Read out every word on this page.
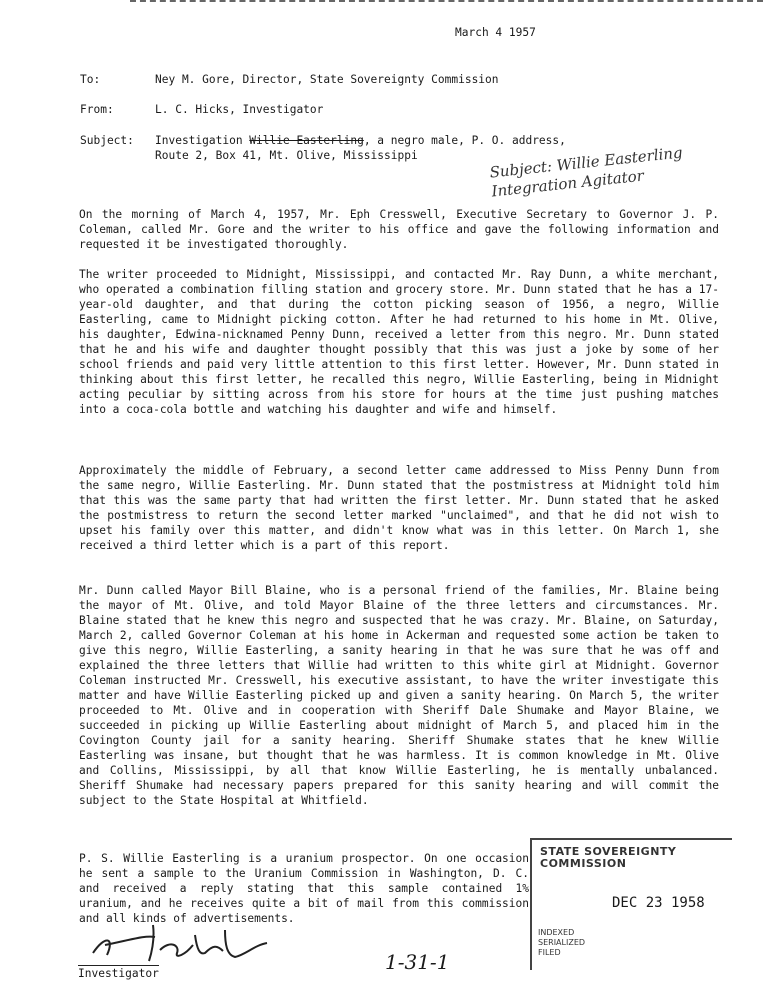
March 4 1957
To:	Ney M. Gore, Director, State Sovereignty Commission
From:	L. C. Hicks, Investigator
Subject: Investigation Willie Easterling, a negro male, P. O. address,
Route 2, Box 41, Mt. Olive, Mississippi	Subject: Willie Easterling Integration Agitator

On the morning of March 4, 1957, Mr. Eph Cresswell, Executive Secretary to Governor J. P. Coleman, called Mr. Gore and the writer to his office and gave the following information and requested it be investigated thoroughly.

The writer proceeded to Midnight, Mississippi, and contacted Mr. Ray Dunn, a white merchant, who operated a combination filling station and grocery store. Mr. Dunn stated that he has a 17-year-old daughter, and that during the cotton picking season of 1956, a negro, Willie Easterling, came to Midnight picking cotton. After he had returned to his home in Mt. Olive, his daughter, Edwina-nicknamed Penny Dunn, received a letter from this negro. Mr. Dunn stated that he and his wife and daughter thought possibly that this was just a joke by some of her school friends and paid very little attention to this first letter. However, Mr. Dunn stated in thinking about this first letter, he recalled this negro, Willie Easterling, being in Midnight acting peculiar by sitting across from his store for hours at the time just pushing matches into a coca-cola bottle and watching his daughter and wife and himself.

Approximately the middle of February, a second letter came addressed to Miss Penny Dunn from the same negro, Willie Easterling. Mr. Dunn stated that the postmistress at Midnight told him that this was the same party that had written the first letter. Mr. Dunn stated that he asked the postmistress to return the second letter marked "unclaimed", and that he did not wish to upset his family over this matter, and didn't know what was in this letter. On March 1, she received a third letter which is a part of this report.

Mr. Dunn called Mayor Bill Blaine, who is a personal friend of the families, Mr. Blaine being the mayor of Mt. Olive, and told Mayor Blaine of the three letters and circumstances. Mr. Blaine stated that he knew this negro and suspected that he was crazy. Mr. Blaine, on Saturday, March 2, called Governor Coleman at his home in Ackerman and requested some action be taken to give this negro, Willie Easterling, a sanity hearing in that he was sure that he was off and explained the three letters that Willie had written to this white girl at Midnight. Governor Coleman instructed Mr. Cresswell, his executive assistant, to have the writer investigate this matter and have Willie Easterling picked up and given a sanity hearing. On March 5, the writer proceeded to Mt. Olive and in cooperation with Sheriff Dale Shumake and Mayor Blaine, we succeeded in picking up Willie Easterling about midnight of March 5, and placed him in the Covington County jail for a sanity hearing. Sheriff Shumake states that he knew Willie Easterling was insane, but thought that he was harmless. It is common knowledge in Mt. Olive and Collins, Mississippi, by all that know Willie Easterling, he is mentally unbalanced. Sheriff Shumake had necessary papers prepared for this sanity hearing and will commit the subject to the State Hospital at Whitfield.

P. S. Willie Easterling is a uranium prospector. On one occasion he sent a sample to the Uranium Commission in Washington, D. C. and received a reply stating that this sample contained 1% uranium, and he receives quite a bit of mail from this commission and all kinds of advertisements.

Investigator	1-31-1
STATE SOVEREIGNTY COMMISSION
DEC 23 1958
INDEXED
SERIALIZED
FILED
